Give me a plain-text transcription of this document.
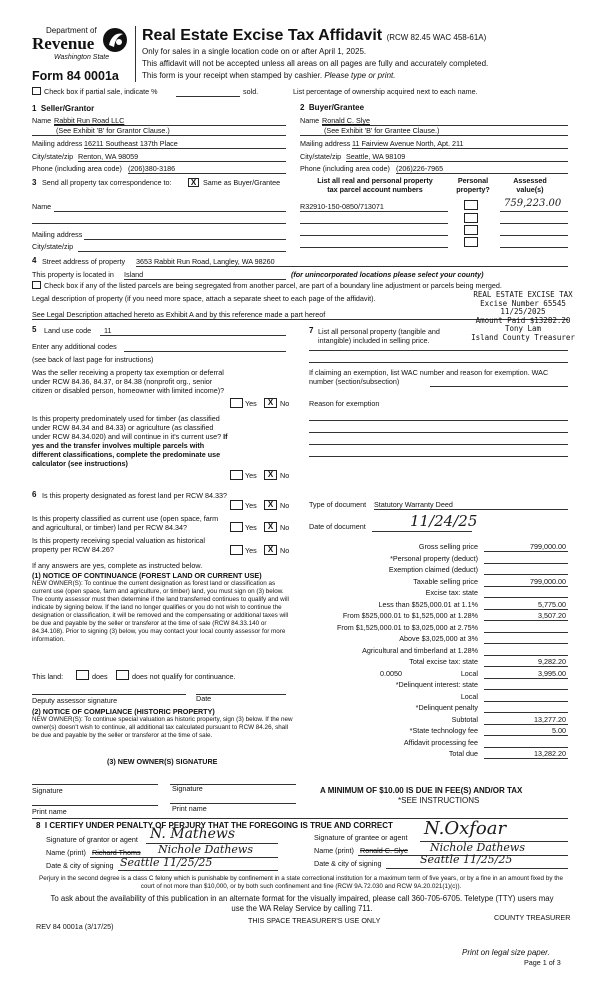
Department of
Revenue
Washington State
Form 84 0001a
Real Estate Excise Tax Affidavit (RCW 82.45 WAC 458-61A)
Only for sales in a single location code on or after April 1, 2025.
This affidavit will not be accepted unless all areas on all pages are fully and accurately completed.
This form is your receipt when stamped by cashier. Please type or print.
Check box if partial sale, indicate %	sold.	List percentage of ownership acquired next to each name.
1  Seller/Grantor
Name Rabbit Run Road LLC
(See Exhibit 'B' for Grantor Clause.)
Mailing address 16211 Southeast 137th Place
City/state/zip Renton, WA 98059
Phone (including area code) (206)380-3186
2  Buyer/Grantee
Name Ronald C. Slye
(See Exhibit 'B' for Grantee Clause.)
Mailing address 11 Fairview Avenue North, Apt. 211
City/state/zip Seattle, WA 98109
Phone (including area code) (206)226-7965
3 Send all property tax correspondence to:	X Same as Buyer/Grantee
Name
Mailing address
City/state/zip
List all real and personal property
tax parcel account numbers
Personal
property?
Assessed
value(s)
R32910-150-0850/713071	759,223.00
4 Street address of property 3653 Rabbit Run Road, Langley, WA 98260
This property is located in Island	(for unincorporated locations please select your county)
Check box if any of the listed parcels are being segregated from another parcel, are part of a boundary line adjustment or parcels being merged.
Legal description of property (if you need more space, attach a separate sheet to each page of the affidavit).
See Legal Description attached hereto as Exhibit A and by this reference made a part hereof
REAL ESTATE EXCISE TAX
Excise Number 65545
11/25/2025
Amount Paid $13282.20
Tony Lam
Island County Treasurer
5 Land use code 11
Enter any additional codes
(see back of last page for instructions)
Was the seller receiving a property tax exemption or deferral under RCW 84.36, 84.37, or 84.38 (nonprofit org., senior citizen or disabled person, homeowner with limited income)?
Yes	X No
Is this property predominately used for timber (as classified under RCW 84.34 and 84.33) or agriculture (as classified under RCW 84.34.020) and will continue in it's current use? If yes and the transfer involves multiple parcels with different classifications, complete the predominate use calculator (see instructions)
Yes	X No
7 List all personal property (tangible and intangible) included in selling price.
If claiming an exemption, list WAC number and reason for exemption. WAC number (section/subsection)
Reason for exemption
6 Is this property designated as forest land per RCW 84.33?
Yes	X No
Is this property classified as current use (open space, farm and agricultural, or timber) land per RCW 84.34?	Yes	X No
Is this property receiving special valuation as historical property per RCW 84.26?	Yes	X No
If any answers are yes, complete as instructed below.
(1) NOTICE OF CONTINUANCE (FOREST LAND OR CURRENT USE)
NEW OWNER(S): To continue the current designation as forest land or classification as current use (open space, farm and agriculture, or timber) land, you must sign on (3) below. The county assessor must then determine if the land transferred continues to qualify and will indicate by signing below. If the land no longer qualifies or you do not wish to continue the designation or classification, it will be removed and the compensating or additional taxes will be due and payable by the seller or transferor at the time of sale (RCW 84.33.140 or 84.34.108). Prior to signing (3) below, you may contact your local county assessor for more information.
This land:	does	does not qualify for continuance.
Deputy assessor signature	Date
(2) NOTICE OF COMPLIANCE (HISTORIC PROPERTY)
NEW OWNER(S): To continue special valuation as historic property, sign (3) below. If the new owner(s) doesn't wish to continue, all additional tax calculated pursuant to RCW 84.26, shall be due and payable by the seller or transferor at the time of sale.
(3) NEW OWNER(S) SIGNATURE
Signature	Signature
Print name	Print name
Type of document Statutory Warranty Deed
Date of document	11/24/25
Gross selling price	799,000.00
*Personal property (deduct)
Exemption claimed (deduct)
Taxable selling price	799,000.00
Excise tax: state
Less than $525,000.01 at 1.1%	5,775.00
From $525,000.01 to $1,525,000 at 1.28%	3,507.20
From $1,525,000.01 to $3,025,000 at 2.75%
Above $3,025,000 at 3%
Agricultural and timberland at 1.28%
Total excise tax: state	9,282.20
Local	3,995.00
*Delinquent interest: state
Local
*Delinquent penalty
Subtotal	13,277.20
*State technology fee	5.00
Affidavit processing fee
Total due	13,282.20
0.0050
A MINIMUM OF $10.00 IS DUE IN FEE(S) AND/OR TAX
*SEE INSTRUCTIONS
8  I CERTIFY UNDER PENALTY OF PERJURY THAT THE FOREGOING IS TRUE AND CORRECT
Signature of grantor or agent N. Mathews
Name (print) Richard Thoms Nichole Dathews
Date & city of signing Seattle 11/25/25
Signature of grantee or agent N.Oxfoar
Name (print) Ronald C. Slye Nichole Dathews
Date & city of signing	Seattle 11/25/25
Perjury in the second degree is a class C felony which is punishable by confinement in a state correctional institution for a maximum term of five years, or by a fine in an amount fixed by the court of not more than $10,000, or by both such confinement and fine (RCW 9A.72.030 and RCW 9A.20.021(1)(c)).
To ask about the availability of this publication in an alternate format for the visually impaired, please call 360-705-6705. Teletype (TTY) users may use the WA Relay Service by calling 711.
REV 84 0001a (3/17/25)
THIS SPACE TREASURER'S USE ONLY	COUNTY TREASURER
Print on legal size paper.
Page 1 of 3
